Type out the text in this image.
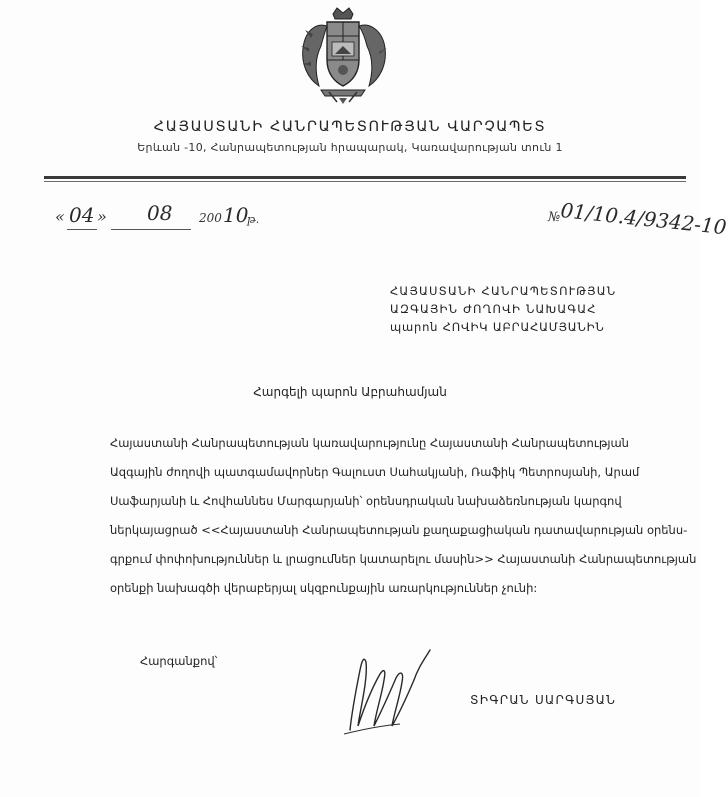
ՀԱՅԱՍՏԱՆԻ ՀԱՆՐԱՊԵՏՈՒԹՅԱՆ ՎԱՐՉԱՊԵՏ
Երևան -10, Հանրապետության հրապարակ, Կառավարության տուն 1
« 04 » 08 200 10
թ.	№ 01/10.4/9342-10
ՀԱՅԱՍՏԱՆԻ ՀԱՆՐԱՊԵՏՈՒԹՅԱՆ
ԱԶԳԱՅԻՆ ԺՈՂՈՎԻ ՆԱԽԱԳԱՀ
պարոն ՀՈՎԻԿ ԱԲՐԱՀԱՄՅԱՆԻՆ
Հարգելի պարոն Աբրահամյան
Հայաստանի Հանրապետության կառավարությունը Հայաստանի Հանրապետության
Ազգային ժողովի պատգամավորներ Գալուստ Սահակյանի, Ռաֆիկ Պետրոսյանի, Արամ
Սաֆարյանի և Հովհաննես Մարգարյանի՝ օրենսդրական նախաձեռնության կարգով
ներկայացրած <<Հայաստանի Հանրապետության քաղաքացիական դատավարության օրենս-
գրքում փոփոխություններ և լրացումներ կատարելու մասին>> Հայաստանի Հանրապետության
օրենքի նախագծի վերաբերյալ սկզբունքային առարկություններ չունի:
Հարգանքով՝
ՏԻԳՐԱՆ ՍԱՐԳՍՅԱՆ
